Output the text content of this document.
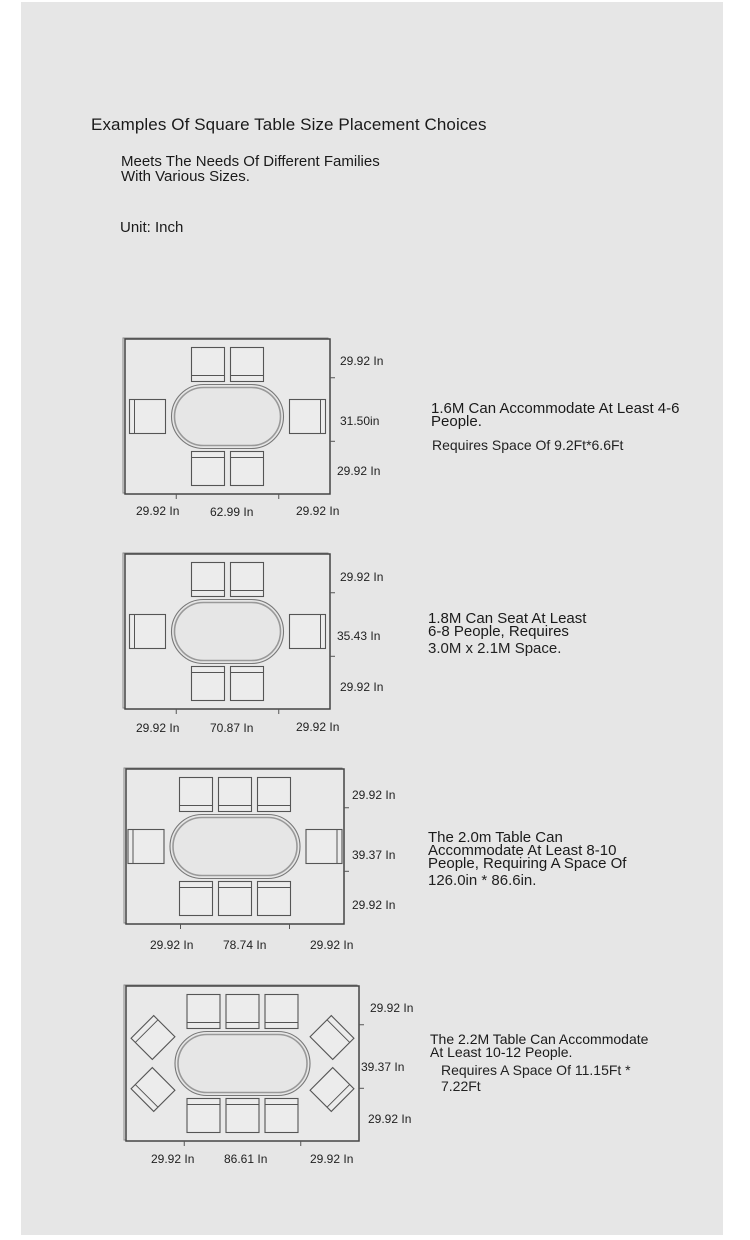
Examples Of Square Table Size Placement Choices
Meets The Needs Of Different Families
With Various Sizes.
Unit: Inch
29.92 In
31.50in
29.92 In
29.92 In	62.99 In	29.92 In
1.6M Can Accommodate At Least 4-6
People.
Requires Space Of 9.2Ft*6.6Ft
29.92 In
35.43 In
29.92 In
29.92 In	70.87 In	29.92 In
1.8M Can Seat At Least
6-8 People, Requires
3.0M x 2.1M Space.
29.92 In
39.37 In
29.92 In
29.92 In 78.74 In	29.92 In
The 2.0m Table Can
Accommodate At Least 8-10
People, Requiring A Space Of
126.0in * 86.6in.
29.92 In
39.37 In
29.92 In
29.92 In 86.61 In	29.92 In
The 2.2M Table Can Accommodate
At Least 10-12 People.
Requires A Space Of 11.15Ft *
7.22Ft
